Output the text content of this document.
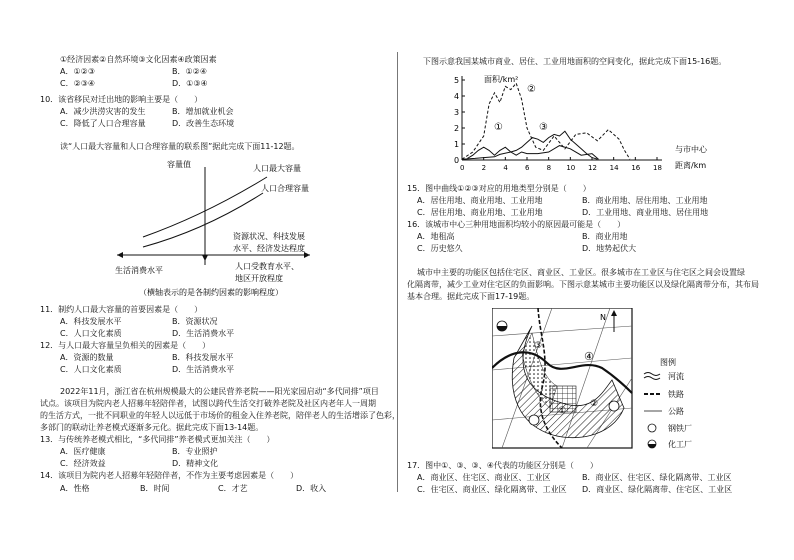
①经济因素②自然环境③文化因素④政策因素
A．①②③	B．①②④
C．②③④	D．①③④
10．该省移民对迁出地的影响主要是（　　）
A．减少洪涝灾害的发生	B．增加就业机会
C．降低了人口合理容量	D．改善生态环境
读“人口最大容量和人口合理容量的联系图”据此完成下面11-12题。
容量值	人口最大容量
人口合理容量
资源状况、科技发展
水平、经济发达程度
生活消费水平	人口受教育水平、
地区开放程度
（横轴表示的是各制约因素的影响程度）
11．制约人口最大容量的首要因素是（　　）
A．科技发展水平	B．资源状况
C．人口文化素质	D．生活消费水平
12．与人口最大容量呈负相关的因素是（　　）
A．资源的数量	B．科技发展水平
C．人口文化素质	D．生活消费水平
2022年11月，浙江省在杭州规模最大的公建民营养老院——阳光家园启动“多代同排”项目
试点。该项目为院内老人招募年轻陪伴者，试图以跨代生活交打破养老院及社区内老年人一周期
的生活方式，一批不同职业的年轻人以远低于市场价的租金入住养老院，陪伴老人的生活增添了色彩，
多部门的联动让养老模式逐渐多元化。据此完成下面13-14题。
13．与传统养老模式相比，“多代同排”养老模式更加关注（　　）
A．医疗健康	B．专业照护
C．经济效益	D．精神文化
14．该项目为院内老人招募年轻陪伴者，不作为主要考虑因素是（　　）
A．性格	B．时间	C．才艺	D．收入
下图示意我国某城市商业、居住、工业用地面积的空间变化，据此完成下面15-16题。
0
1
2
3
4
5
0 2 4 6 8 10 12 14 16 18
面积/km²
②
①	③
与市中心
距离/km
15．图中曲线①②③对应的用地类型分别是（　　）
A．居住用地、商业用地、工业用地	B．商业用地、居住用地、工业用地
C．居住用地、商业用地、工业用地	D．工业用地、商业用地、居住用地
16．该城市中心三种用地面积均较小的原因最可能是（　　）
A．地租高	B．商业用地
C．历史悠久	D．地势起伏大
城市中主要的功能区包括住宅区、商业区、工业区。很多城市在工业区与住宅区之间会设置绿
化隔离带，减少工业对住宅区的负面影响。下图示意某城市主要功能区以及绿化隔离带分布，其布局
基本合理。据此完成下面17-19题。
①
②
③
④
N
图例
河流
铁路
公路
钢铁厂
化工厂
17．图中①、③、③、④代表的功能区分别是（　　）
A．商业区、住宅区、商业区、工业区	B．商业区、住宅区、绿化隔离带、工业区
C．住宅区、商业区、绿化隔离带、工业区 D．商业区、绿化隔离带、住宅区、工业区
